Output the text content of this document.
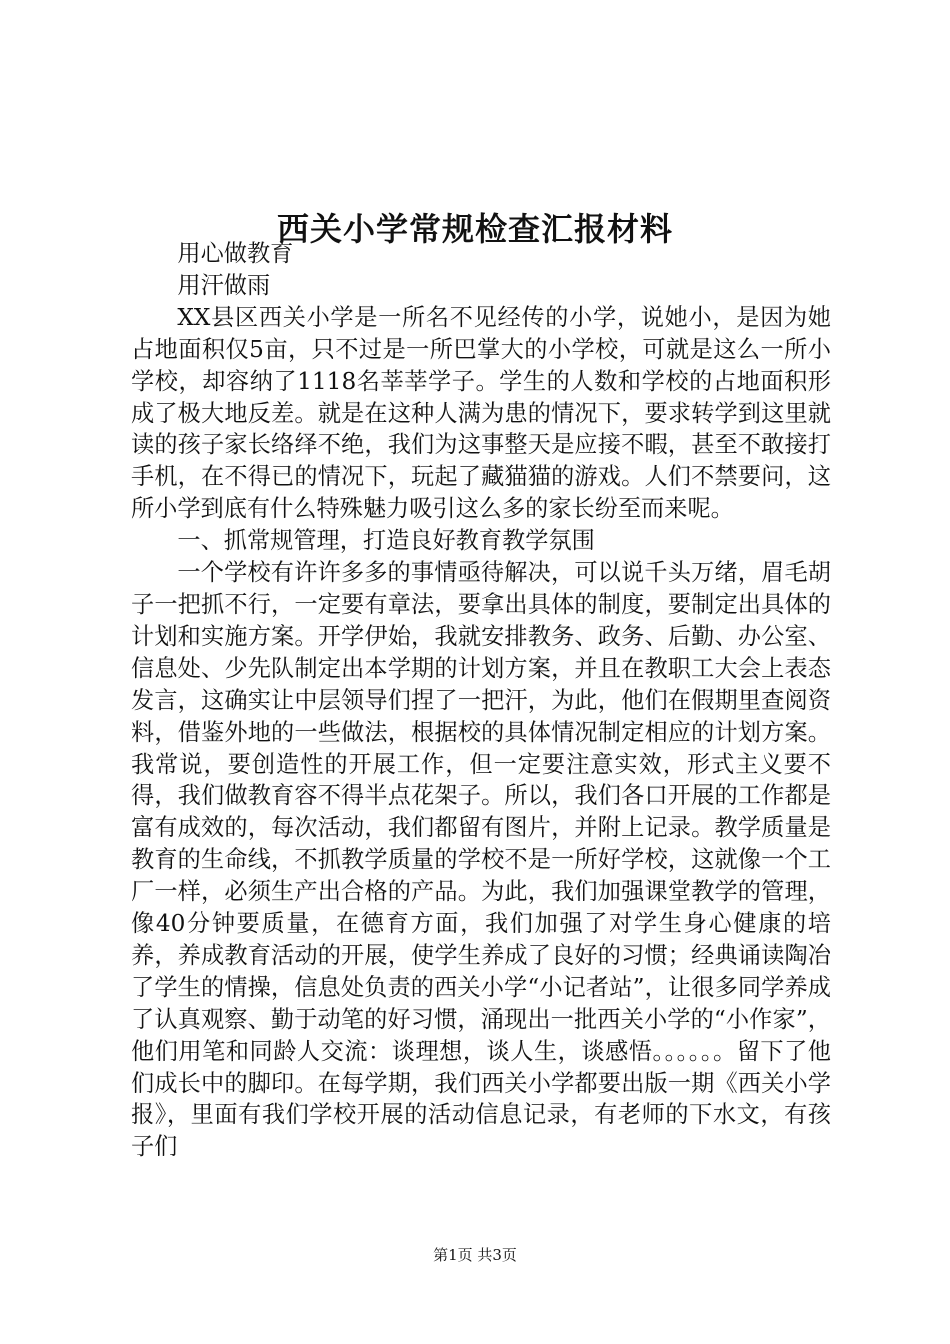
西关小学常规检查汇报材料

用心做教育

用汗做雨

XX县区西关小学是一所名不见经传的小学，说她小，是因为她占地面积仅5亩，只不过是一所巴掌大的小学校，可就是这么一所小学校，却容纳了1118名莘莘学子。学生的人数和学校的占地面积形成了极大地反差。就是在这种人满为患的情况下，要求转学到这里就读的孩子家长络绎不绝，我们为这事整天是应接不暇，甚至不敢接打手机，在不得已的情况下，玩起了藏猫猫的游戏。人们不禁要问，这所小学到底有什么特殊魅力吸引这么多的家长纷至而来呢。

一、抓常规管理，打造良好教育教学氛围

一个学校有许许多多的事情亟待解决，可以说千头万绪，眉毛胡子一把抓不行，一定要有章法，要拿出具体的制度，要制定出具体的计划和实施方案。开学伊始，我就安排教务、政务、后勤、办公室、信息处、少先队制定出本学期的计划方案，并且在教职工大会上表态发言，这确实让中层领导们捏了一把汗，为此，他们在假期里查阅资料，借鉴外地的一些做法，根据校的具体情况制定相应的计划方案。我常说，要创造性的开展工作，但一定要注意实效，形式主义要不得，我们做教育容不得半点花架子。所以，我们各口开展的工作都是富有成效的，每次活动，我们都留有图片，并附上记录。教学质量是教育的生命线，不抓教学质量的学校不是一所好学校，这就像一个工厂一样，必须生产出合格的产品。为此，我们加强课堂教学的管理，像40分钟要质量，在德育方面，我们加强了对学生身心健康的培养，养成教育活动的开展，使学生养成了良好的习惯；经典诵读陶冶了学生的情操，信息处负责的西关小学“小记者站”，让很多同学养成了认真观察、勤于动笔的好习惯，涌现出一批西关小学的“小作家”，他们用笔和同龄人交流：谈理想，谈人生，谈感悟。。。。。。留下了他们成长中的脚印。在每学期，我们西关小学都要出版一期《西关小学报》，里面有我们学校开展的活动信息记录，有老师的下水文，有孩子们

第1页 共3页
